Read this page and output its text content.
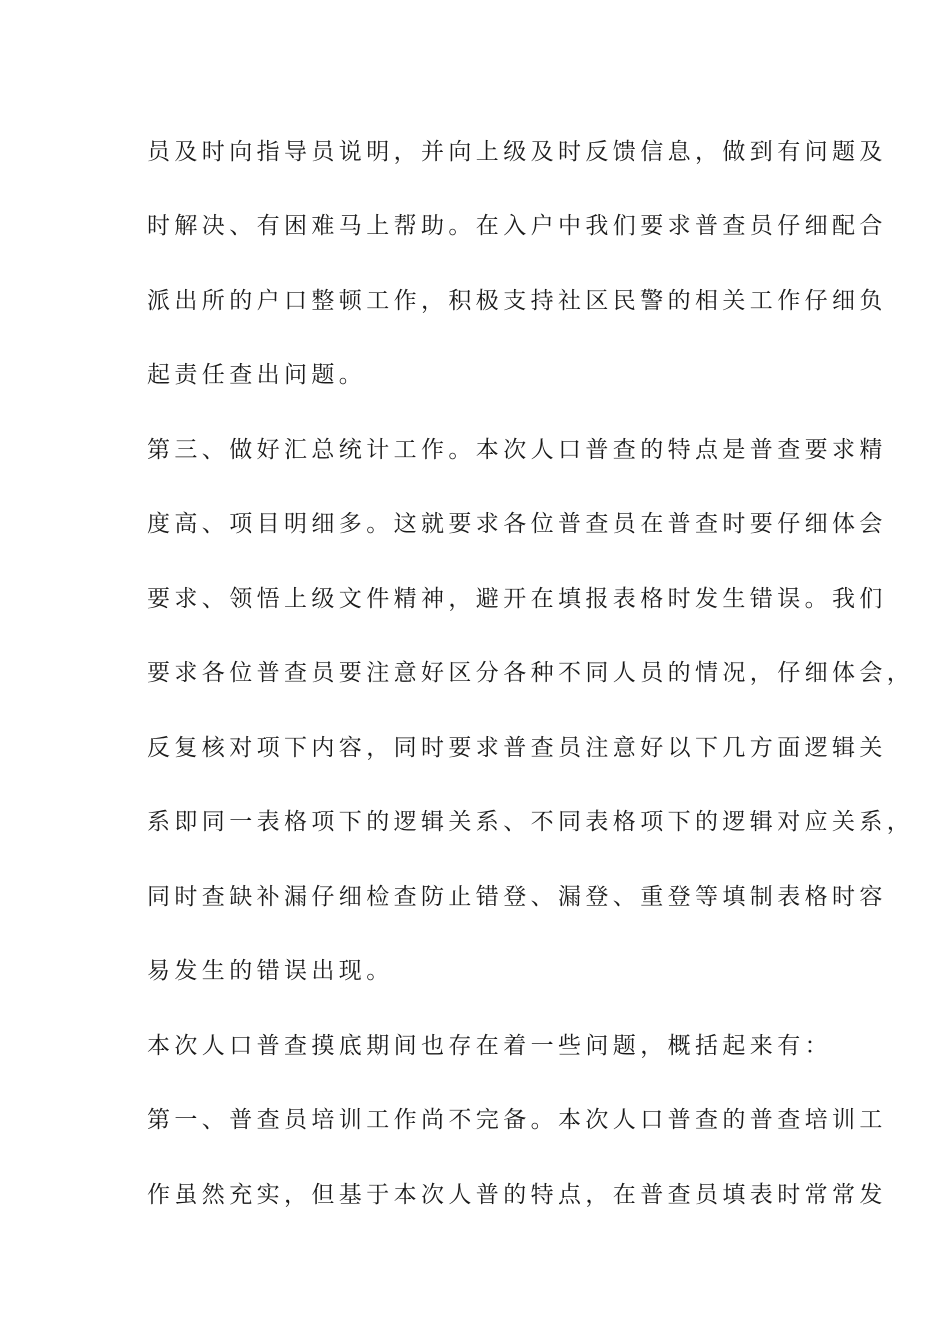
员及时向指导员说明，并向上级及时反馈信息，做到有问题及
时解决、有困难马上帮助。在入户中我们要求普查员仔细配合
派出所的户口整顿工作，积极支持社区民警的相关工作仔细负
起责任查出问题。
第三、做好汇总统计工作。本次人口普查的特点是普查要求精
度高、项目明细多。这就要求各位普查员在普查时要仔细体会
要求、领悟上级文件精神，避开在填报表格时发生错误。我们
要求各位普查员要注意好区分各种不同人员的情况，仔细体会，
反复核对项下内容，同时要求普查员注意好以下几方面逻辑关
系即同一表格项下的逻辑关系、不同表格项下的逻辑对应关系，
同时查缺补漏仔细检查防止错登、漏登、重登等填制表格时容
易发生的错误出现。
本次人口普查摸底期间也存在着一些问题，概括起来有：
第一、普查员培训工作尚不完备。本次人口普查的普查培训工
作虽然充实，但基于本次人普的特点，在普查员填表时常常发
